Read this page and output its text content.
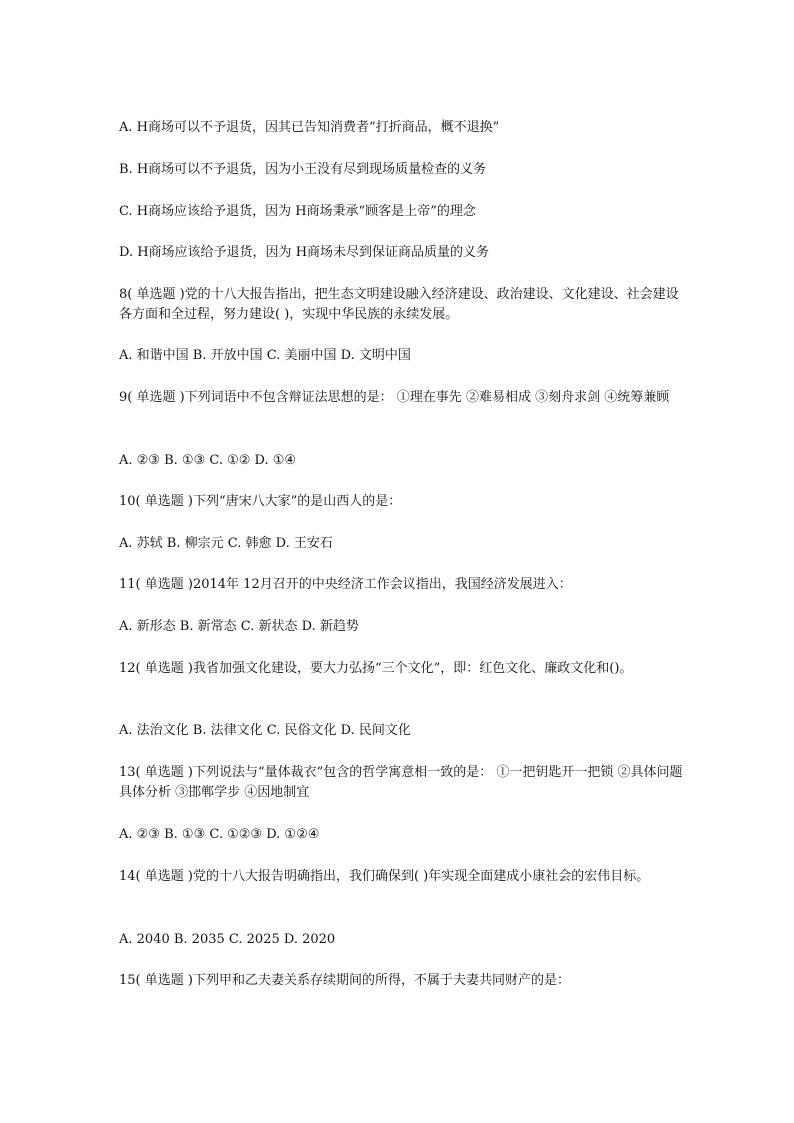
A. H商场可以不予退货，因其已告知消费者“打折商品，概不退换”
B. H商场可以不予退货，因为小王没有尽到现场质量检查的义务
C. H商场应该给予退货，因为 H商场秉承“顾客是上帝”的理念
D. H商场应该给予退货，因为 H商场未尽到保证商品质量的义务
8( 单选题 )党的十八大报告指出，把生态文明建设融入经济建设、政治建设、文化建设、社会建设各方面和全过程，努力建设( )，实现中华民族的永续发展。
A. 和谐中国 B. 开放中国 C. 美丽中国 D. 文明中国
9( 单选题 )下列词语中不包含辩证法思想的是： ①理在事先 ②难易相成 ③刻舟求剑 ④统筹兼顾
A. ②③ B. ①③ C. ①② D. ①④
10( 单选题 )下列“唐宋八大家”的是山西人的是：
A. 苏轼 B. 柳宗元 C. 韩愈 D. 王安石
11( 单选题 )2014年 12月召开的中央经济工作会议指出，我国经济发展进入：
A. 新形态 B. 新常态 C. 新状态 D. 新趋势
12( 单选题 )我省加强文化建设，要大力弘扬“三个文化”，即：红色文化、廉政文化和()。
A. 法治文化 B. 法律文化 C. 民俗文化 D. 民间文化
13( 单选题 )下列说法与“量体裁衣”包含的哲学寓意相一致的是： ①一把钥匙开一把锁 ②具体问题具体分析 ③邯郸学步 ④因地制宜
A. ②③ B. ①③ C. ①②③ D. ①②④
14( 单选题 )党的十八大报告明确指出，我们确保到( )年实现全面建成小康社会的宏伟目标。
A. 2040 B. 2035 C. 2025 D. 2020
15( 单选题 )下列甲和乙夫妻关系存续期间的所得，不属于夫妻共同财产的是：
